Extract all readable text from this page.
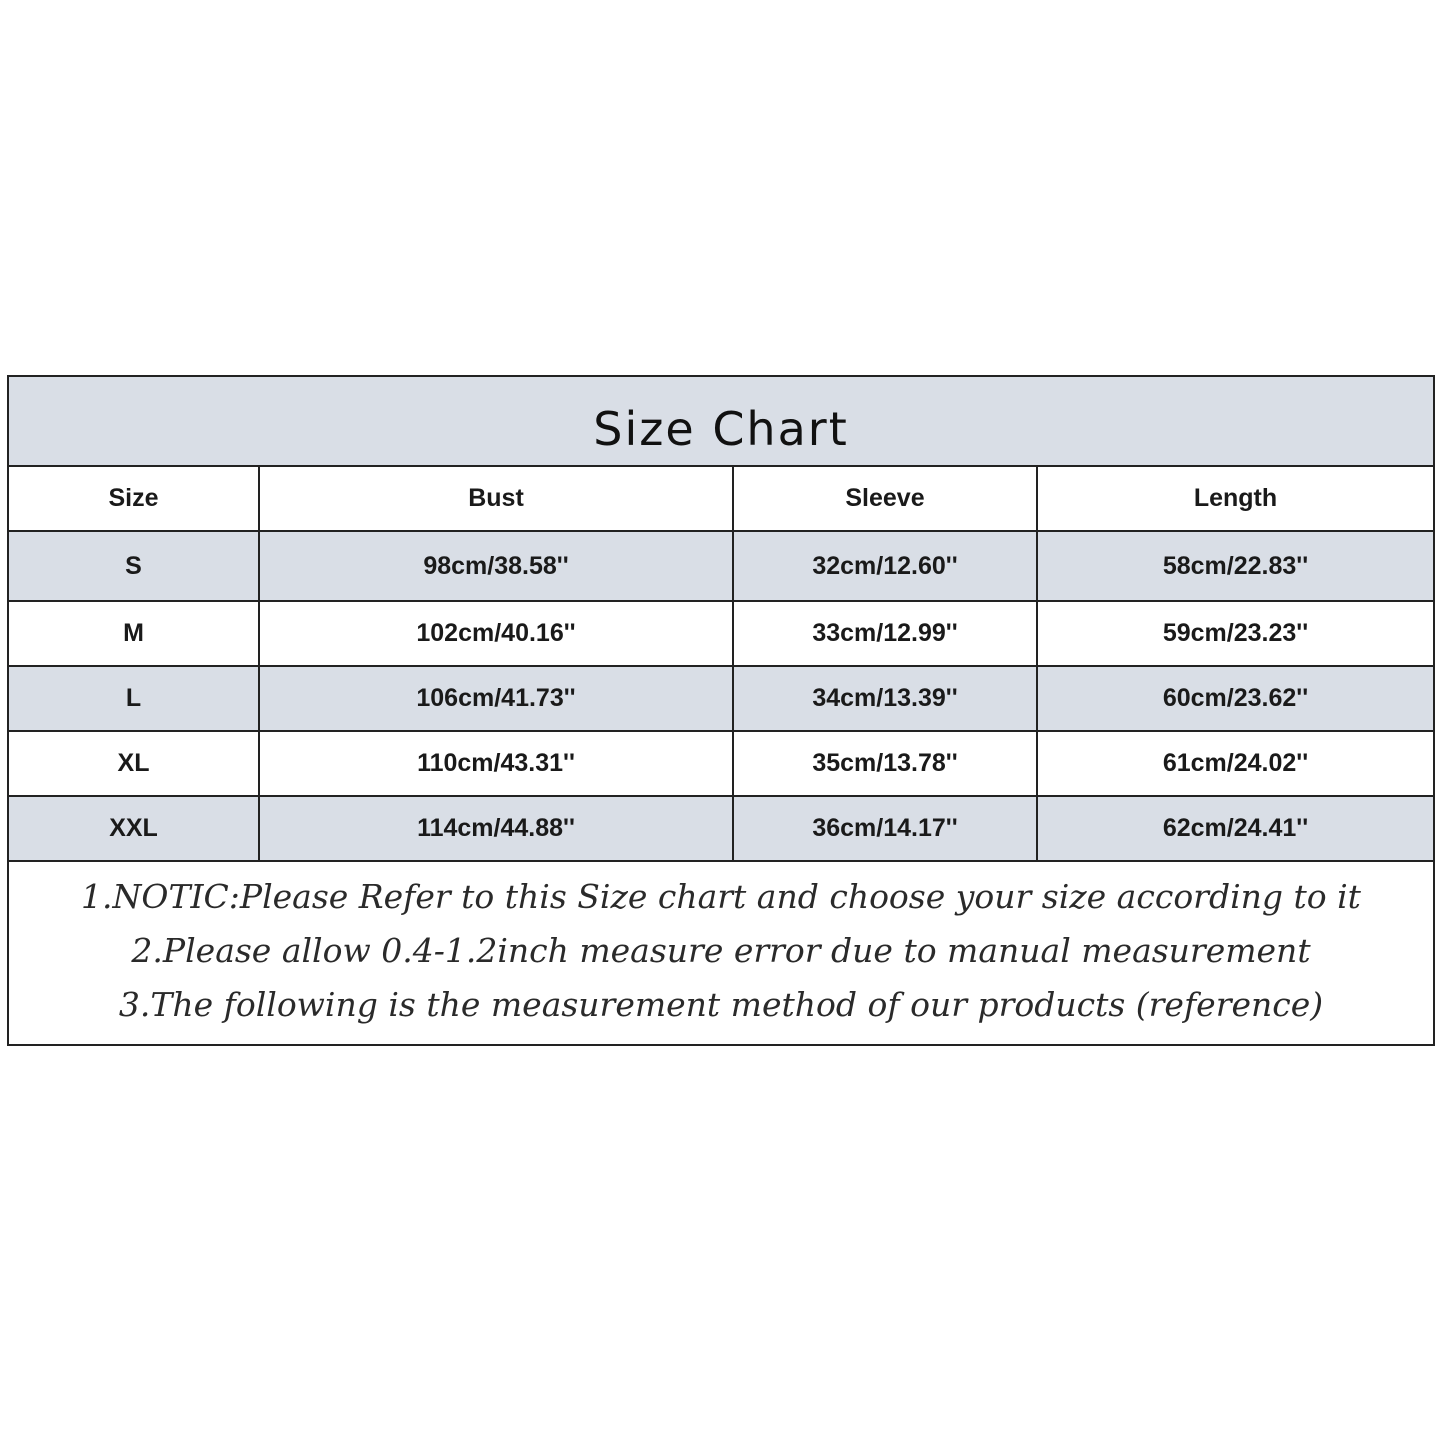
Size Chart
Size	Bust	Sleeve	Length
S	98cm/38.58''	32cm/12.60''	58cm/22.83''
M	102cm/40.16''	33cm/12.99''	59cm/23.23''
L	106cm/41.73''	34cm/13.39''	60cm/23.62''
XL	110cm/43.31''	35cm/13.78''	61cm/24.02''
XXL	114cm/44.88''	36cm/14.17''	62cm/24.41''
1.NOTIC:Please Refer to this Size chart and choose your size according to it
2.Please allow 0.4-1.2inch measure error due to manual measurement
3.The following is the measurement method of our products (reference)
